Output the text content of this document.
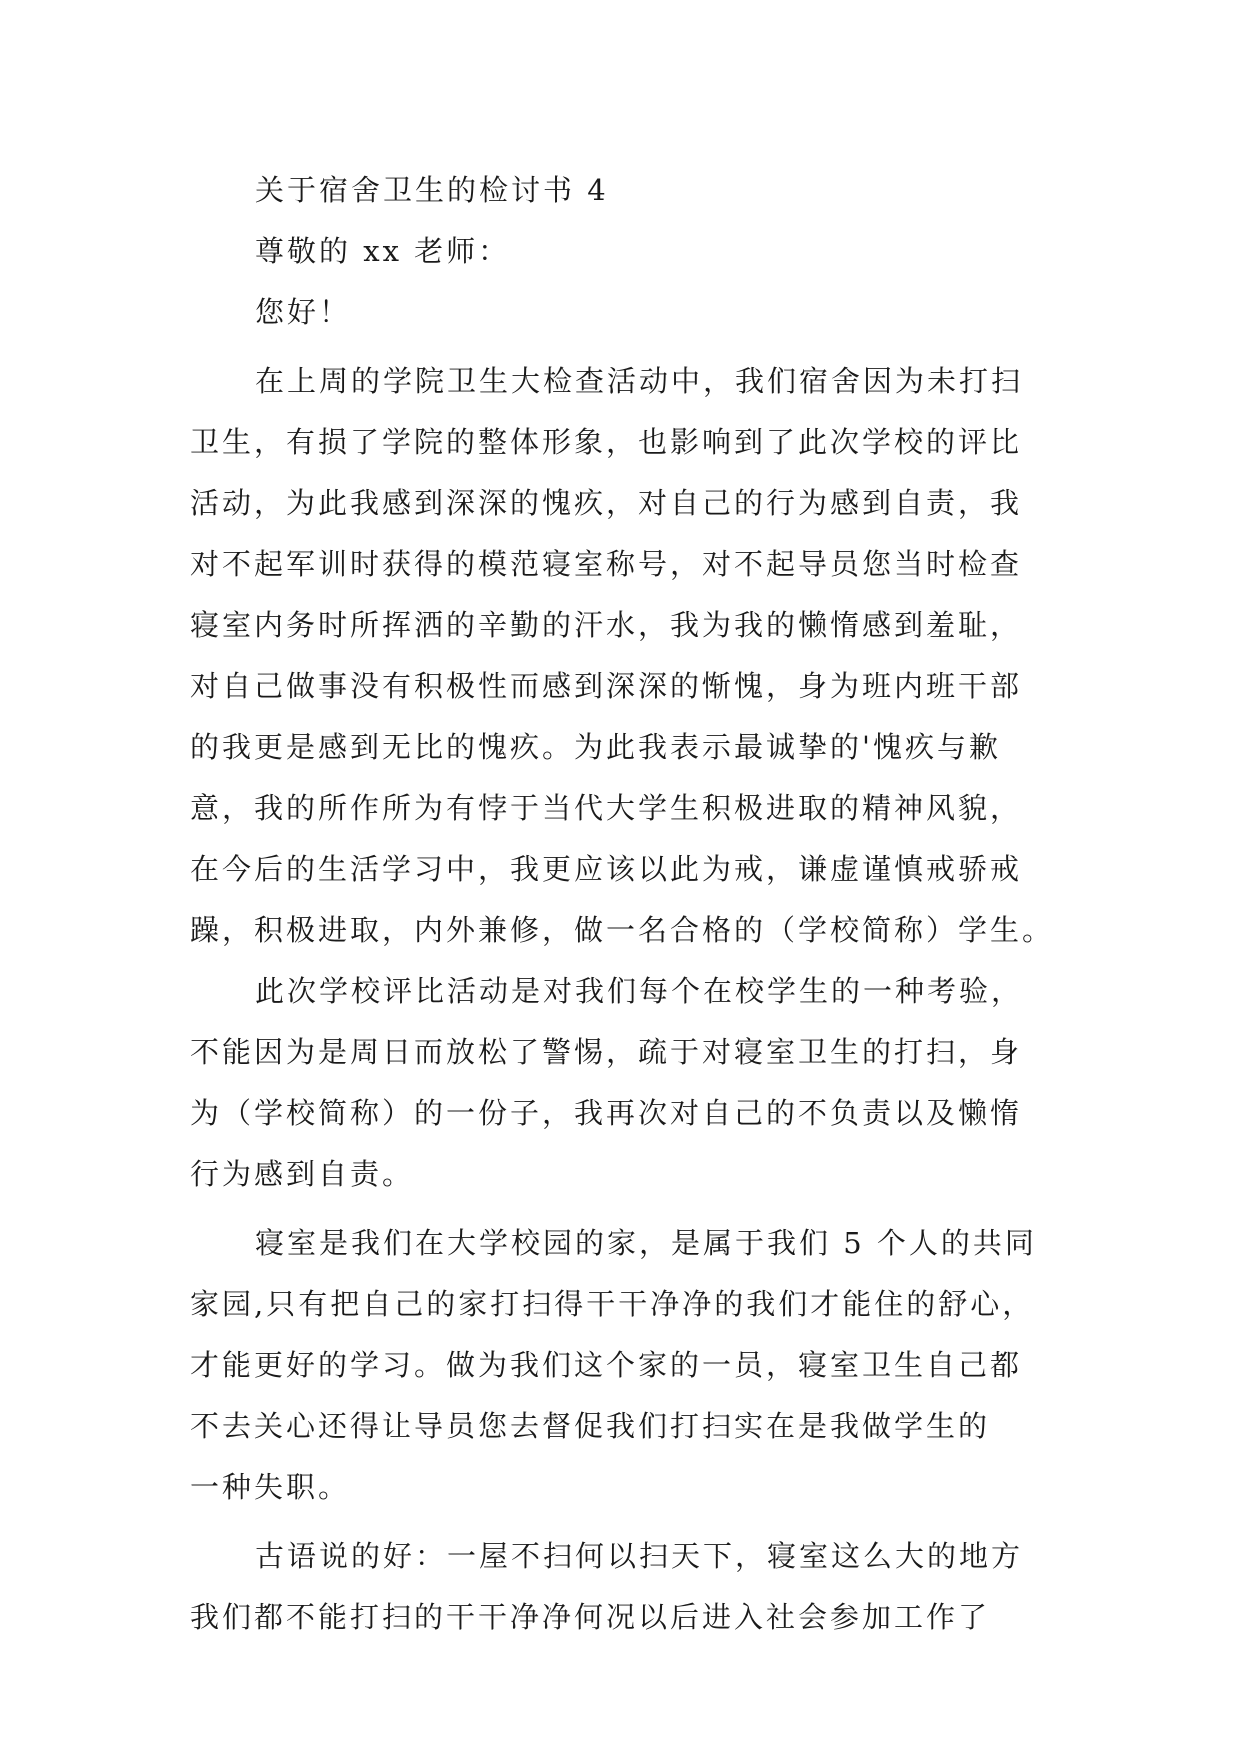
关于宿舍卫生的检讨书 4
尊敬的 xx 老师：
您好！
在上周的学院卫生大检查活动中，我们宿舍因为未打扫
卫生，有损了学院的整体形象，也影响到了此次学校的评比
活动，为此我感到深深的愧疚，对自己的行为感到自责，我
对不起军训时获得的模范寝室称号，对不起导员您当时检查
寝室内务时所挥洒的辛勤的汗水，我为我的懒惰感到羞耻，
对自己做事没有积极性而感到深深的惭愧，身为班内班干部
的我更是感到无比的愧疚。为此我表示最诚挚的'愧疚与歉
意，我的所作所为有悖于当代大学生积极进取的精神风貌，
在今后的生活学习中，我更应该以此为戒，谦虚谨慎戒骄戒
躁，积极进取，内外兼修，做一名合格的（学校简称）学生。
此次学校评比活动是对我们每个在校学生的一种考验，
不能因为是周日而放松了警惕，疏于对寝室卫生的打扫，身
为（学校简称）的一份子，我再次对自己的不负责以及懒惰
行为感到自责。
寝室是我们在大学校园的家，是属于我们 5 个人的共同
家园,只有把自己的家打扫得干干净净的我们才能住的舒心，
才能更好的学习。做为我们这个家的一员，寝室卫生自己都
不去关心还得让导员您去督促我们打扫实在是我做学生的
一种失职。
古语说的好：一屋不扫何以扫天下，寝室这么大的地方
我们都不能打扫的干干净净何况以后进入社会参加工作了
